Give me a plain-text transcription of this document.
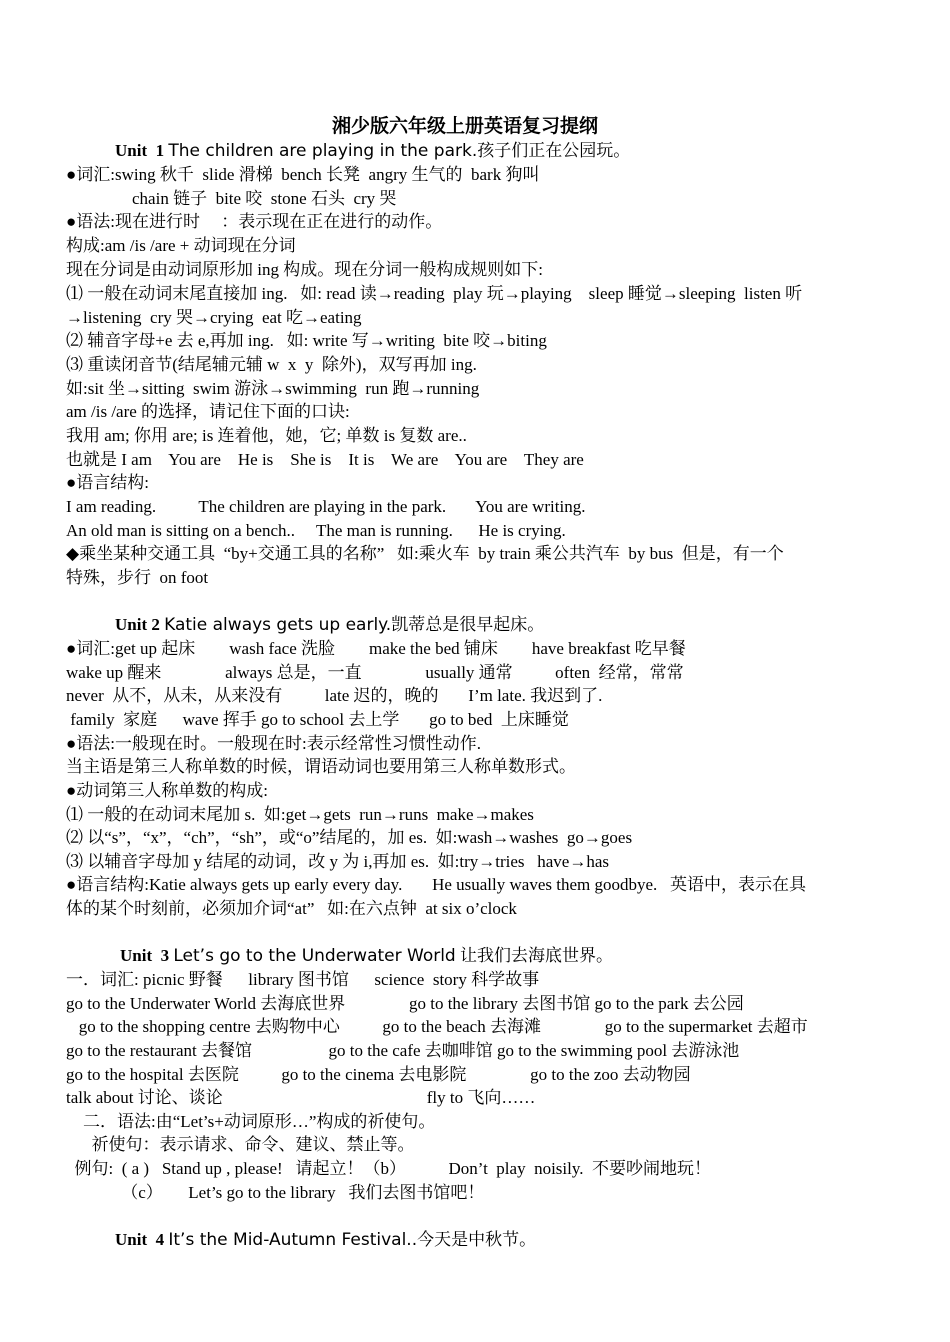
湘少版六年级上册英语复习提纲
Unit  1 The children are playing in the park.孩子们正在公园玩。
●词汇:swing 秋千  slide 滑梯  bench 长凳  angry 生气的  bark 狗叫
chain 链子  bite 咬  stone 石头  cry 哭
●语法:现在进行时     ：表示现在正在进行的动作。
构成:am /is /are + 动词现在分词
现在分词是由动词原形加 ing 构成。现在分词一般构成规则如下:
⑴ 一般在动词末尾直接加 ing.   如: read 读→reading  play 玩→playing    sleep 睡觉→sleeping  listen 听
→listening  cry 哭→crying  eat 吃→eating
⑵ 辅音字母+e 去 e,再加 ing.   如: write 写→writing  bite 咬→biting
⑶ 重读闭音节(结尾辅元辅 w  x  y  除外)，双写再加 ing.
如:sit 坐→sitting  swim 游泳→swimming  run 跑→running
am /is /are 的选择，请记住下面的口诀:
我用 am; 你用 are; is 连着他，她，它; 单数 is 复数 are..
也就是 I am    You are    He is    She is    It is    We are    You are    They are
●语言结构:
I am reading.          The children are playing in the park.       You are writing.
An old man is sitting on a bench..     The man is running.      He is crying.
◆乘坐某种交通工具  “by+交通工具的名称”   如:乘火车  by train 乘公共汽车  by bus  但是，有一个
特殊，步行  on foot
Unit 2 Katie always gets up early.凯蒂总是很早起床。
●词汇:get up 起床        wash face 洗脸        make the bed 铺床        have breakfast 吃早餐
wake up 醒来               always 总是，一直               usually 通常          often  经常，常常
never  从不，从未，从来没有          late 迟的，晚的       I’m late. 我迟到了.
family  家庭      wave 挥手 go to school 去上学       go to bed  上床睡觉
●语法:一般现在时。一般现在时:表示经常性习惯性动作.
当主语是第三人称单数的时候，谓语动词也要用第三人称单数形式。
●动词第三人称单数的构成:
⑴ 一般的在动词末尾加 s.  如:get→gets  run→runs  make→makes
⑵ 以“s”，“x”，“ch”，“sh”，或“o”结尾的，加 es.  如:wash→washes  go→goes
⑶ 以辅音字母加 y 结尾的动词，改 y 为 i,再加 es.  如:try→tries   have→has
●语言结构:Katie always gets up early every day.       He usually waves them goodbye.   英语中，表示在具
体的某个时刻前，必须加介词“at”   如:在六点钟  at six o’clock
Unit  3 Let’s go to the Underwater World 让我们去海底世界。
一．词汇: picnic 野餐      library 图书馆      science  story 科学故事
go to the Underwater World 去海底世界               go to the library 去图书馆 go to the park 去公园
go to the shopping centre 去购物中心          go to the beach 去海滩               go to the supermarket 去超市
go to the restaurant 去餐馆                  go to the cafe 去咖啡馆 go to the swimming pool 去游泳池
go to the hospital 去医院          go to the cinema 去电影院               go to the zoo 去动物园
talk about 讨论、谈论                                                fly to 飞向……
二．语法:由“Let’s+动词原形…”构成的祈使句。
祈使句：表示请求、命令、建议、禁止等。
例句:  ( a )   Stand up , please!   请起立！（b）          Don’t  play  noisily.  不要吵闹地玩！
（c）      Let’s go to the library   我们去图书馆吧！
Unit  4 It’s the Mid-Autumn Festival..今天是中秋节。
